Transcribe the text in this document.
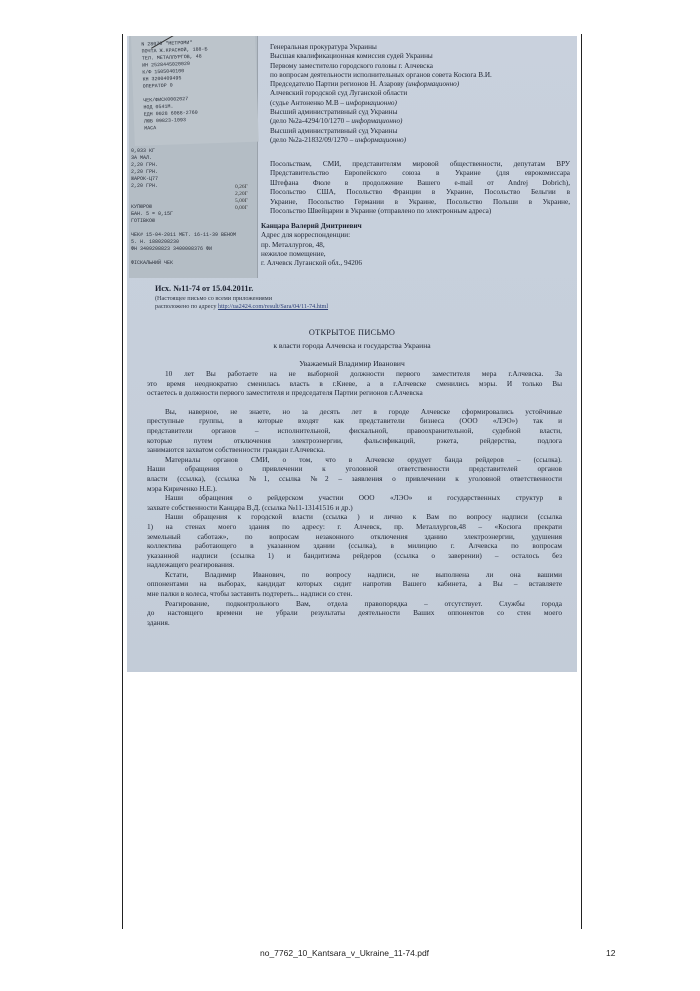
N 28070 "МЕТРОМИ"
ПОЧТА Ж.КРАСНОЙ, 188-Б
ТЕЛ. МЕТАЛЛУРГОВ, 48
ИН 2528445020020
К/Ф 1505040100
КН 3200409495
ОПЕРАТОР 0
ЧЕК/ФИСК0002027
НОД 0541M.
ЕДН 0028 6088-2760
ЛЮБ 09823-1093
МАСА
0,033 КГ
ЗА МАЛ.
2,20 ГРН.
2,20 ГРН.
ЖАРОК-Ц77
2,20 ГРН.
КУПЮРОЮ
БАН. 5 = 0,15Г
ГОТІВКОЮ
ЧЕК# 15-04-2011 МЕТ. 16-11-39 ВЕНОМ
5. Н. 1880208230
ФН 3409208823 3400008376 ФИ
ФІСКАЛЬНИЙ ЧЕК
Генеральная прокуратура Украины
Высшая квалификационная комиссия судей Украины
Первому заместителю городского головы г. Алчевска
по вопросам деятельности исполнительных органов совета Косюга В.И.
Председателю Партии регионов Н. Азарову (информационно)
Алчевский городской суд Луганской области
(судье Антоненко М.В – информационно)
Высший административный суд Украины
(дело №2а-4294/10/1270 – информационно)
Высший административный суд Украины
(дело №2а-21832/09/1270 – информационно)
0,26Г
2,20Г
5,00Г
0,00Г
Посольствам, СМИ, представителям мировой общественности, депутатам ВРУ
Представительство Европейского союза в Украине (для еврокомиссара
Штефана Фюле в продолжение Вашего e-mail от Andrej Dobrich),
Посольство США, Посольство Франции в Украине, Посольство Бельгии в
Украине, Посольство Германии в Украине, Посольство Польши в Украине,
Посольство Швейцарии в Украине (отправлено по электронным адреса)
Канцара Валерий Дмитриевич
Адрес для корреспонденции:
пр. Металлургов, 48,
нежилое помещение,
г. Алчевск Луганской обл., 94206
Исх. №11-74 от 15.04.2011г.
(Настоящее письмо со всеми приложениями
расположено по адресу http://ua2424.com/result/Sara/04/11-74.html
ОТКРЫТОЕ ПИСЬМО
к власти города Алчевска и государства Украина
Уважаемый Владимир Иванович
10 лет Вы работаете на не выборной должности первого заместителя мера г.Алчевска. За
это время неоднократно сменилась власть в г.Киеве, а в г.Алчевске сменились мэры. И только Вы
остаетесь в должности первого заместителя и председателя Партии регионов г.Алчевска
Вы, наверное, не знаете, но за десять лет в городе Алчевске сформировались устойчивые
преступные группы, в которые входят как представители бизнеса (ООО «ЛЭО») так и
представители органов – исполнительной, фискальной, правоохранительной, судебной власти,
которые путем отключения электроэнергии, фальсификаций, рэкета, рейдерства, подлога
занимаются захватом собственности граждан г.Алчевска.
Материалы органов СМИ, о том, что в Алчевске орудует банда рейдеров – (ссылка).
Наши обращения о привлечении к уголовной ответственности представителей органов
власти (ссылка), (ссылка №1, ссылка №2 – заявления о привлечении к уголовной ответственности
мэра Кириченко Н.Е.).
Наши обращения о рейдерском участии ООО «ЛЭО» и государственных структур в
захвате собственности Канцара В.Д. (ссылка №11-13141516 и др.)
Наши обращения к городской власти (ссылка ) и лично к Вам по вопросу надписи (ссылка
1) на стенах моего здания по адресу: г. Алчевск, пр. Металлургов,48 – «Косюга прекрати
земельный саботаж», по вопросам незаконного отключения зданию электроэнергии, удушения
коллектива работающего в указанном здании (ссылка), в милицию г. Алчевска по вопросам
указанной надписи (ссылка 1) и бандитизма рейдеров (ссылка о заверении) – осталось без
надлежащего реагирования.
Кстати, Владимир Иванович, по вопросу надписи, не выполнена ли она вашими
оппонентами на выборах, кандидат которых сидит напротив Вашего кабинета, а Вы – вставляете
мне палки в колеса, чтобы заставить подтереть... надписи со стен.
Реагирование, подконтрольного Вам, отдела правопорядка – отсутствует. Службы города
до настоящего времени не убрали результаты деятельности Ваших оппонентов со стен моего
здания.
no_7762_10_Kantsara_v_Ukraine_11-74.pdf	12
